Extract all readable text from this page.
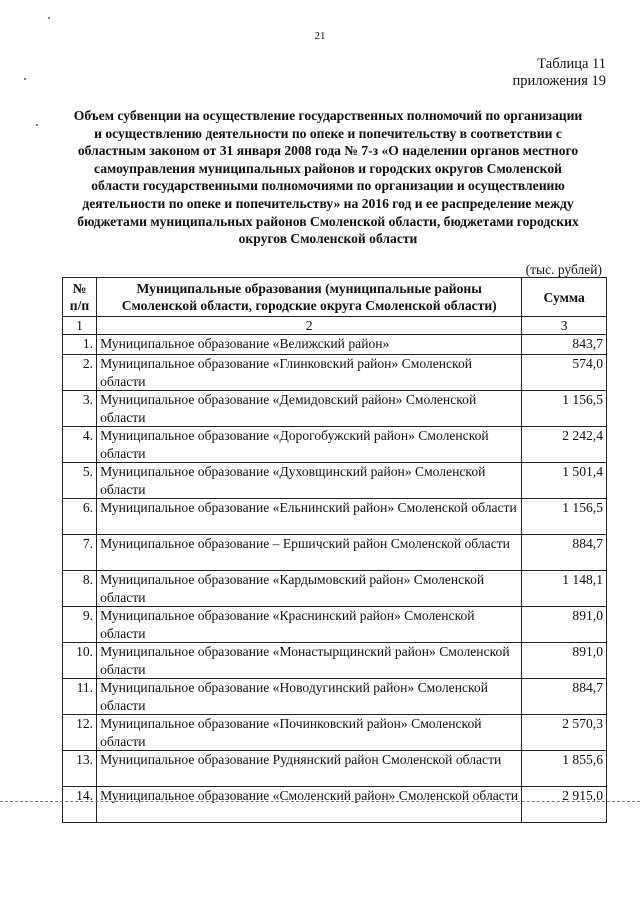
21
Таблица 11
приложения 19
Объем субвенции на осуществление государственных полномочий по организации и осуществлению деятельности по опеке и попечительству в соответствии с областным законом от 31 января 2008 года № 7-з «О наделении органов местного самоуправления муниципальных районов и городских округов Смоленской области государственными полномочиями по организации и осуществлению деятельности по опеке и попечительству» на 2016 год и ее распределение между бюджетами муниципальных районов Смоленской области, бюджетами городских округов Смоленской области
(тыс. рублей)
№ п/п	Муниципальные образования (муниципальные районы Смоленской области, городские округа Смоленской области)	Сумма
1	2	3
1.	Муниципальное образование «Велижский район»	843,7
2.	Муниципальное образование «Глинковский район» Смоленской области	574,0
3.	Муниципальное образование «Демидовский район» Смоленской области	1 156,5
4.	Муниципальное образование «Дорогобужский район» Смоленской области	2 242,4
5.	Муниципальное образование «Духовщинский район» Смоленской области	1 501,4
6.	Муниципальное образование «Ельнинский район» Смоленской области	1 156,5
7.	Муниципальное образование – Ершичский район Смоленской области	884,7
8.	Муниципальное образование «Кардымовский район» Смоленской области	1 148,1
9.	Муниципальное образование «Краснинский район» Смоленской области	891,0
10.	Муниципальное образование «Монастырщинский район» Смоленской области	891,0
11.	Муниципальное образование «Новодугинский район» Смоленской области	884,7
12.	Муниципальное образование «Починковский район» Смоленской области	2 570,3
13.	Муниципальное образование Руднянский район Смоленской области	1 855,6
14.	Муниципальное образование «Смоленский район» Смоленской области	2 915,0
